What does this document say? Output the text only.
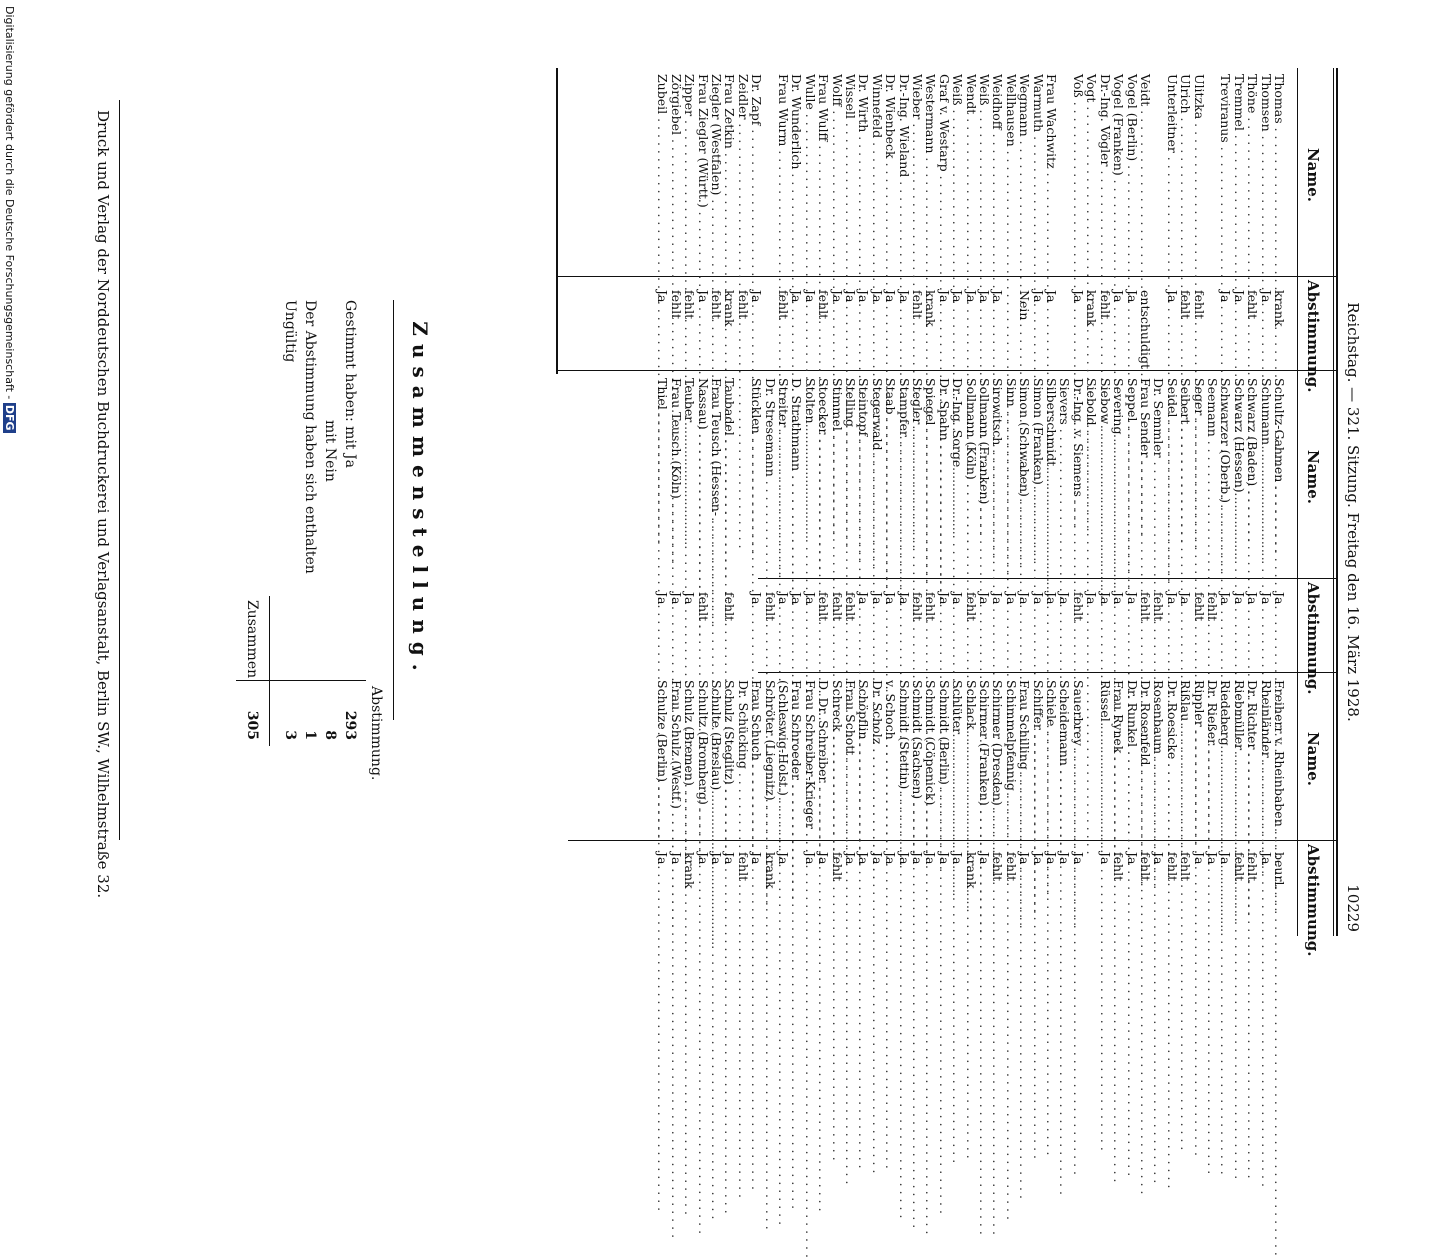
Reichstag. — 321. Sitzung. Freitag den 16. März 1928.
10229
Name.
Abstimmung.
Name.
Abstimmung.
Name.
Abstimmung.
Thomas . . .
Thomsen . . .
Thöne . . .
Tremmel . . .
Treviranus . . .

Ulitzka . . .
Ulrich . . .
Unterleitner . . .

Veidt . . .
Vogel (Berlin) . . .
Vogel (Franken) . . .
Dr.-Ing. Vögler . . .
Vogt . . .
Voß . . .

Frau Wachwitz . . .
Warmuth . . .
Wegmann . . .
Wellhausen . . .
Weidhoff . . .
Weiß . . .
Wendt . . .
Weiß . . .
Graf v. Westarp . . .
Westermann . . .
Wieber . . .
Dr.-Ing. Wieland . . .
Dr. Wienbeck . . .
Winnefeld . . .
Dr. Wirth . . .
Wissell . . .
Wolff . . .
Frau Wulff . . .
Wulle . . .
Dr. Wunderlich . . .
Frau Wurm . . .

Dr. Zapf . . .
Zeidler . . .
Frau Zetkin . . .
Ziegler (Westfalen) . . .
Frau Ziegler (Württ.) . . .
Zipper . . .
Zörgiebel . . .
Zubeil . . .
krank
Ja
fehlt
Ja
Ja

fehlt
fehlt
Ja

entschuldigt
Ja
Ja
fehlt
krank
Ja

Ja
Ja
Nein

Ja
Ja
Ja
Ja
Ja
krank
fehlt
Ja
Ja
Ja
Ja
Ja
Ja
fehlt
Ja
Ja
fehlt

Ja
fehlt
krank
fehlt
Ja
fehlt
fehlt
Ja
Schultz-Gahmen . . .
Schumann . . .
Schwarz (Baden) . . .
Schwarz (Hessen) . . .
Schwarzer (Oberb.) . . .
Seemann . . .
Seger . . .
Seibert . . .
Seidel . . .
Dr. Semmler . . .
Frau Sender . . .
Seppel . . .
Severing . . .
Siebow . . .
Siebold . . .
Dr.-Ing. v. Siemens . . .
Sievers . . .
Silberschmidt . . .
Simon (Franken) . . .
Simon (Schwaben) . . .
Sinn . . .
Sirowitsch . . .
Sollmann (Franken) . . .
Sollmann (Köln) . . .
Dr.-Ing. Sorge . . .
Dr. Spahn . . .
Spiegel . . .
Stegler . . .
Stampfer . . .
Staab . . .
Stegerwald . . .
Steintopf . . .
Stelling . . .
Stimmel . . .
Stoecker . . .
Stolten . . .
D. Strathmann . . .
Streiter . . .
Dr. Stresemann . . .
Stücklen . . .

Taubadel . . .
Frau Teusch (Hessen- . . .
Nassau) . . .
Teuber . . .
Frau Teusch (Köln) . . .
Thiel . . .
Ja
Ja
Ja
Ja
Ja
fehlt
fehlt
Ja
Ja
fehlt
fehlt
Ja
Ja
Ja
Ja
fehlt
Ja
Ja
Ja
Ja
Ja
Ja
Ja
fehlt
Ja
Ja
fehlt
fehlt
Ja
Ja
Ja
Ja
fehlt
fehlt
fehlt
Ja
Ja
Ja
fehlt
Ja

fehlt

fehlt
Ja
Ja
Ja
Freiherr v. Rheinbaben . . .
Rheinländer . . .
Dr. Richter . . .
Riebmüller . . .
Riedeberg . . .
Dr. Rießer . . .
Rippler . . .
Rißlau . . .
Dr. Roesicke . . .
Rosenbaum . . .
Dr. Rosenfeld . . .
Dr. Runkel . . .
Frau Rynek . . .
Rüssel . . .

Sauerbrey . . .
Scheidemann . . .
Schiele . . .
Schiffer . . .
Frau Schilling . . .
Schimmelpfennig . . .
Schirmer (Dresden) . . .
Schirmer (Franken) . . .
Schlack . . .
Schlüter . . .
Schmidt (Berlin) . . .
Schmidt (Cöpenick) . . .
Schmidt (Sachsen) . . .
Schmidt (Stettin) . . .
v. Schoch . . .
Dr. Scholz . . .
Schöpflin . . .
Frau Schott . . .
Schreck . . .
D. Dr. Schreiber . . .
Frau Schreiber-Krieger . . .
Frau Schroeder . . .
(Schleswig-Holst.) . . .
Schröter (Liegnitz) . . .
Frau Schuch . . .
Dr. Schücking . . .
Schulz (Steglitz) . . .
Schulte (Breslau) . . .
Schultz (Bromberg) . . .
Schulz (Bremen) . . .
Frau Schulz (Westf.) . . .
Schulze (Berlin) . . .
beurl.
Ja
fehlt
fehlt
Ja
Ja
Ja
fehlt
fehlt
Ja
fehlt
Ja
fehlt
Ja

Ja
Ja
Ja
Ja
Ja
fehlt
fehlt
Ja
krank
Ja
Ja
Ja
Ja
Ja
Ja
Ja
Ja
Ja
fehlt
Ja
Ja

Ja
krank
Ja
fehlt
Ja
Ja
Ja
krank
Ja
Ja
Zusammenstellung.
Abstimmung.
Gestimmt haben: mit Ja
293
mit Nein
8
Der Abstimmung haben sich enthalten
1
Ungültig
3
Zusammen
305
Druck und Verlag der Norddeutschen Buchdruckerei und Verlagsanstalt, Berlin SW., Wilhelmstraße 32.
Digitalisierung gefördert durch die Deutsche Forschungsgemeinschaft - DFG
